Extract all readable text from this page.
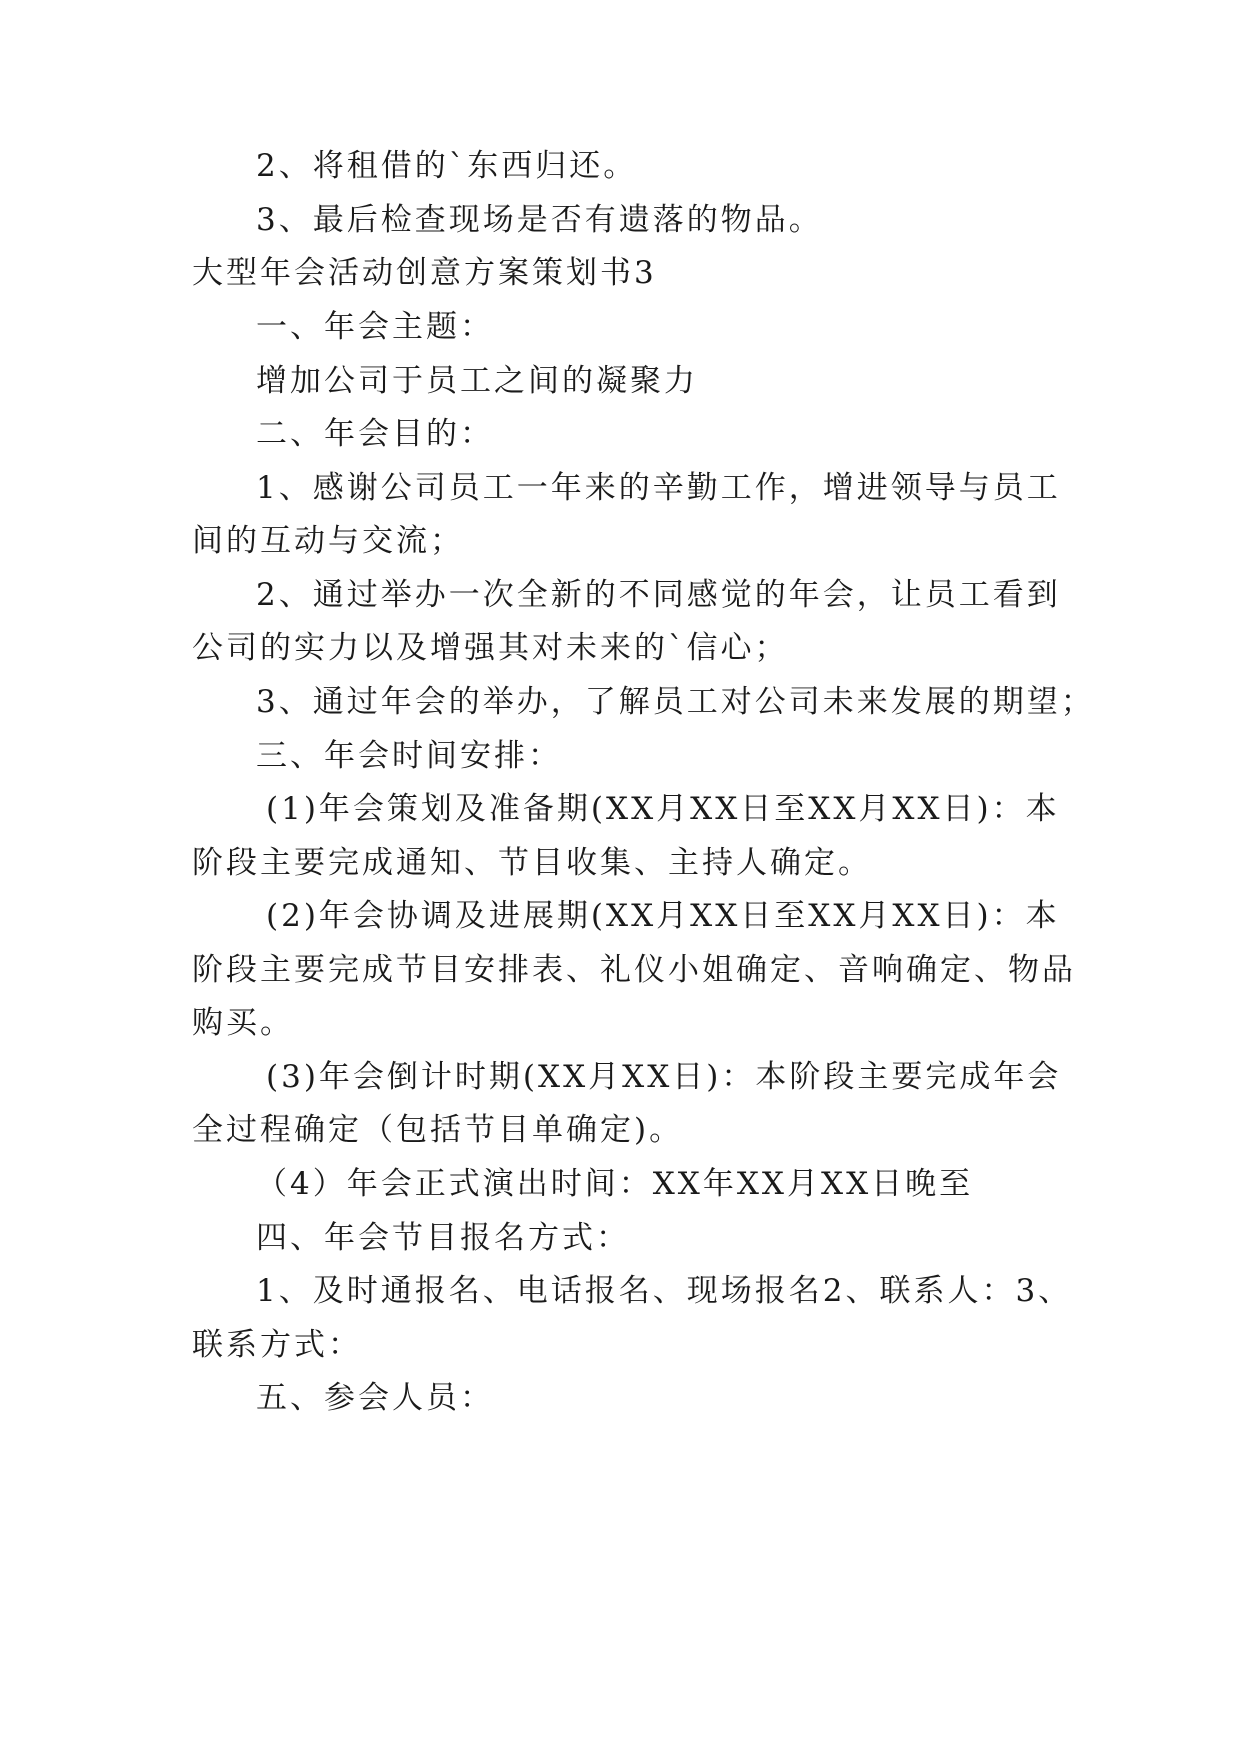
2、将租借的`东西归还。
3、最后检查现场是否有遗落的物品。
大型年会活动创意方案策划书3
一、年会主题：
增加公司于员工之间的凝聚力
二、年会目的：
1、感谢公司员工一年来的辛勤工作，增进领导与员工
间的互动与交流；
2、通过举办一次全新的不同感觉的年会，让员工看到
公司的实力以及增强其对未来的`信心；
3、通过年会的举办，了解员工对公司未来发展的期望；
三、年会时间安排：
(1)年会策划及准备期(XX月XX日至XX月XX日)：本
阶段主要完成通知、节目收集、主持人确定。
(2)年会协调及进展期(XX月XX日至XX月XX日)：本
阶段主要完成节目安排表、礼仪小姐确定、音响确定、物品
购买。
(3)年会倒计时期(XX月XX日)：本阶段主要完成年会
全过程确定（包括节目单确定)。
（4）年会正式演出时间：XX年XX月XX日晚至
四、年会节目报名方式：
1、及时通报名、电话报名、现场报名2、联系人：3、
联系方式：
五、参会人员：
